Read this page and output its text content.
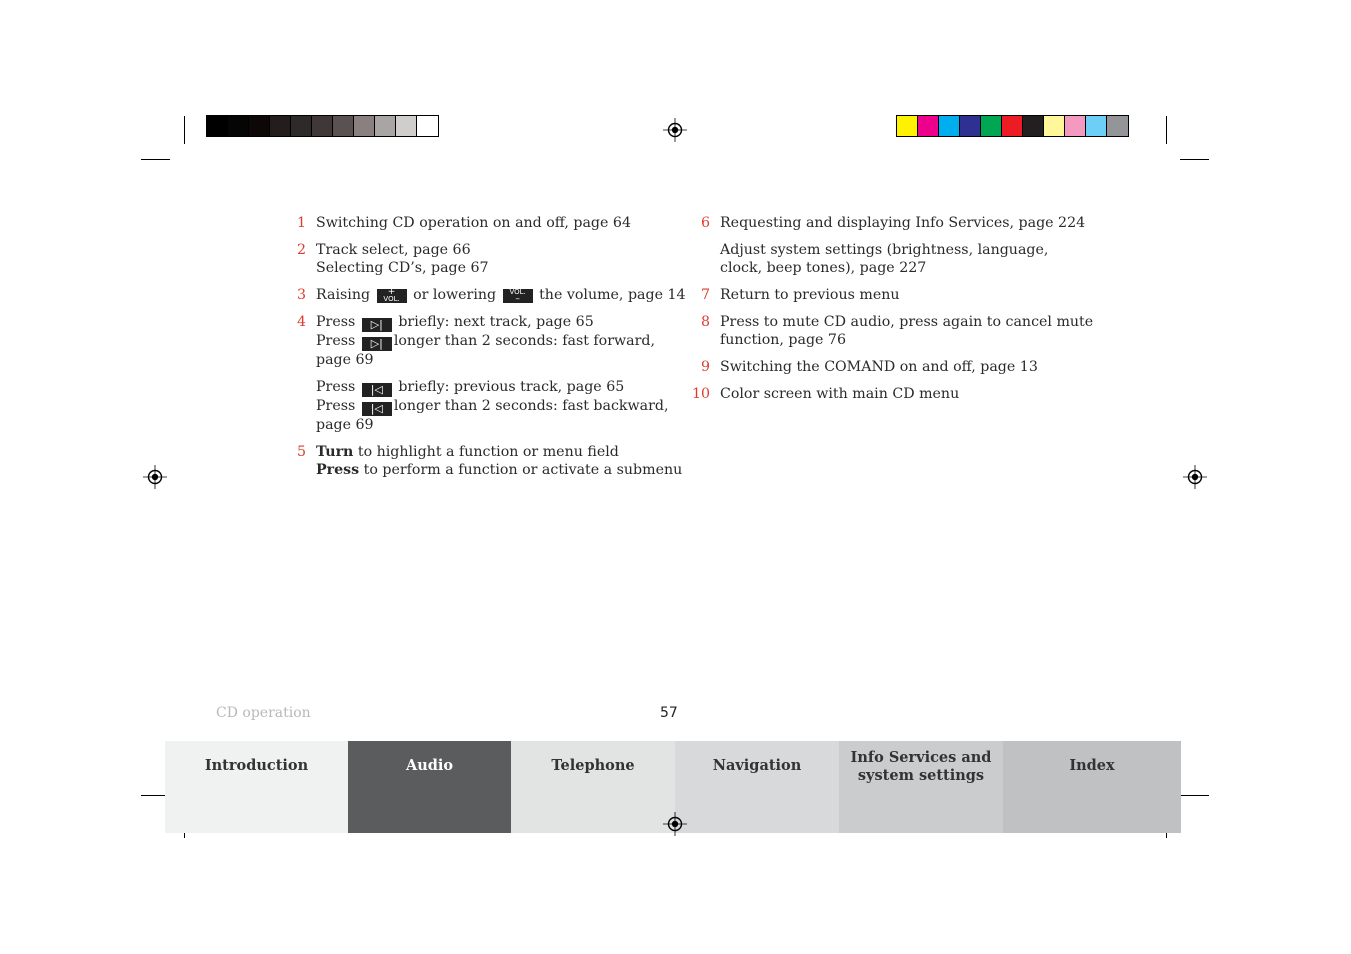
1 Switching CD operation on and off, page 64
2 Track select, page 66
Selecting CD’s, page 67
3 Raising	+
VOL. or lowering	VOL.
–	the volume, page 14
4 Press ▷| briefly: next track, page 65
Press ▷| longer than 2 seconds: fast forward,
page 69
Press |◁ briefly: previous track, page 65
Press |◁ longer than 2 seconds: fast backward,
page 69
5 Turn to highlight a function or menu field
Press to perform a function or activate a submenu
6 Requesting and displaying Info Services, page 224
Adjust system settings (brightness, language,
clock, beep tones), page 227
7 Return to previous menu
8 Press to mute CD audio, press again to cancel mute
function, page 76
9 Switching the COMAND on and off, page 13
10 Color screen with main CD menu
CD operation	57
Introduction	Audio	Telephone	Navigation	Info Services and
system settings
Index
